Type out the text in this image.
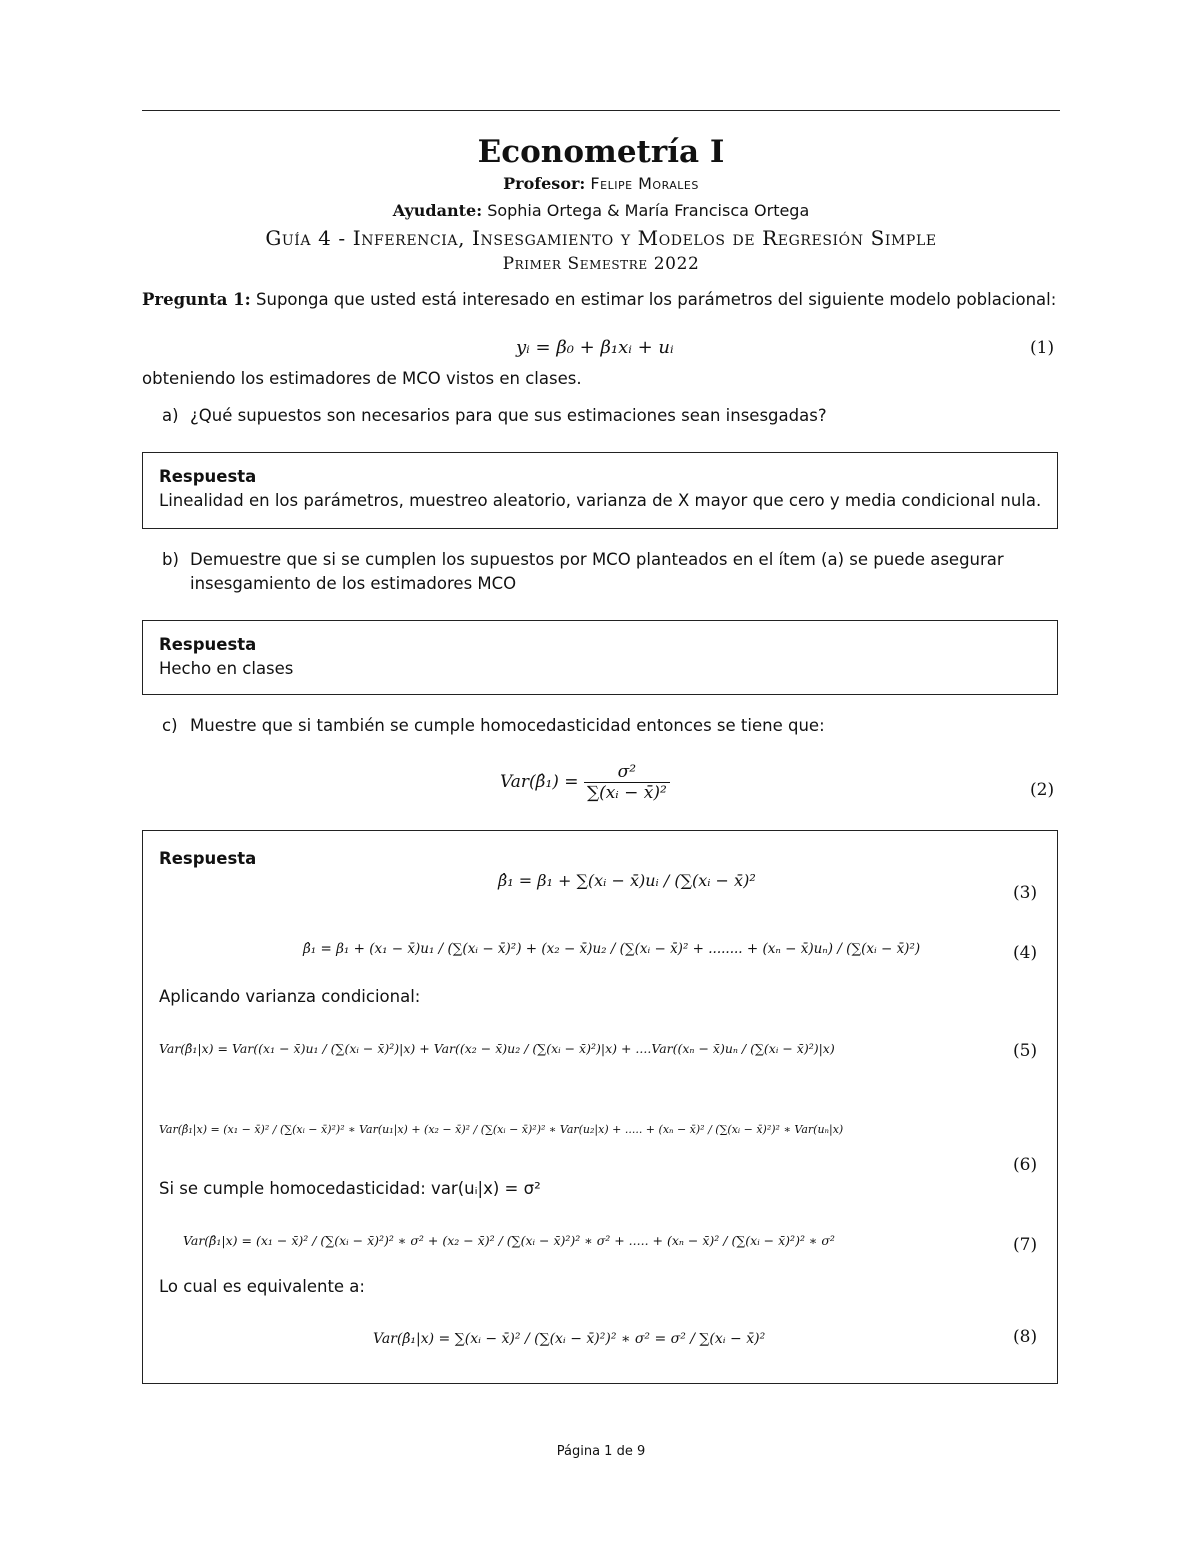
Econometría I
Profesor: Felipe Morales
Ayudante: Sophia Ortega & María Francisca Ortega
Guía 4 - Inferencia, Insesgamiento y Modelos de Regresión Simple
Primer Semestre 2022
Pregunta 1: Suponga que usted está interesado en estimar los parámetros del siguiente modelo poblacional:
yᵢ = β₀ + β₁xᵢ + uᵢ	(1)
obteniendo los estimadores de MCO vistos en clases.
a) ¿Qué supuestos son necesarios para que sus estimaciones sean insesgadas?
Respuesta
Linealidad en los parámetros, muestreo aleatorio, varianza de X mayor que cero y media condicional nula.
b) Demuestre que si se cumplen los supuestos por MCO planteados en el ítem (a) se puede asegurar
insesgamiento de los estimadores MCO
Respuesta
Hecho en clases
c) Muestre que si también se cumple homocedasticidad entonces se tiene que:
Var(β̂₁) = $\frac{\text{σ²}}{\text{∑(xᵢ − x̄)²}}$	(2)
Respuesta
β̂₁ = β₁ + ∑(xᵢ − x̄)uᵢ / (∑(xᵢ − x̄)²
(3)
β̂₁ = β₁ + (x₁ − x̄)u₁ / (∑(xᵢ − x̄)²) + (x₂ − x̄)u₂ / (∑(xᵢ − x̄)² + ........ + (xₙ − x̄)uₙ) / (∑(xᵢ − x̄)²)	(4)
Aplicando varianza condicional:
Var(β̂₁|x) = Var((x₁ − x̄)u₁ / (∑(xᵢ − x̄)²)|x) + Var((x₂ − x̄)u₂ / (∑(xᵢ − x̄)²)|x) + ....Var((xₙ − x̄)uₙ / (∑(xᵢ − x̄)²)|x)	(5)
Var(β̂₁|x) = (x₁ − x̄)² / (∑(xᵢ − x̄)²)² ∗ Var(u₁|x) + (x₂ − x̄)² / (∑(xᵢ − x̄)²)² ∗ Var(u₂|x) + ..... + (xₙ − x̄)² / (∑(xᵢ − x̄)²)² ∗ Var(uₙ|x)
(6)
Si se cumple homocedasticidad: var(uᵢ|x) = σ²
Var(β̂₁|x) = (x₁ − x̄)² / (∑(xᵢ − x̄)²)² ∗ σ² + (x₂ − x̄)² / (∑(xᵢ − x̄)²)² ∗ σ² + ..... + (xₙ − x̄)² / (∑(xᵢ − x̄)²)² ∗ σ²	(7)
Lo cual es equivalente a:
Var(β̂₁|x) = ∑(xᵢ − x̄)² / (∑(xᵢ − x̄)²)² ∗ σ² = σ² / ∑(xᵢ − x̄)²	(8)
Página 1 de 9
